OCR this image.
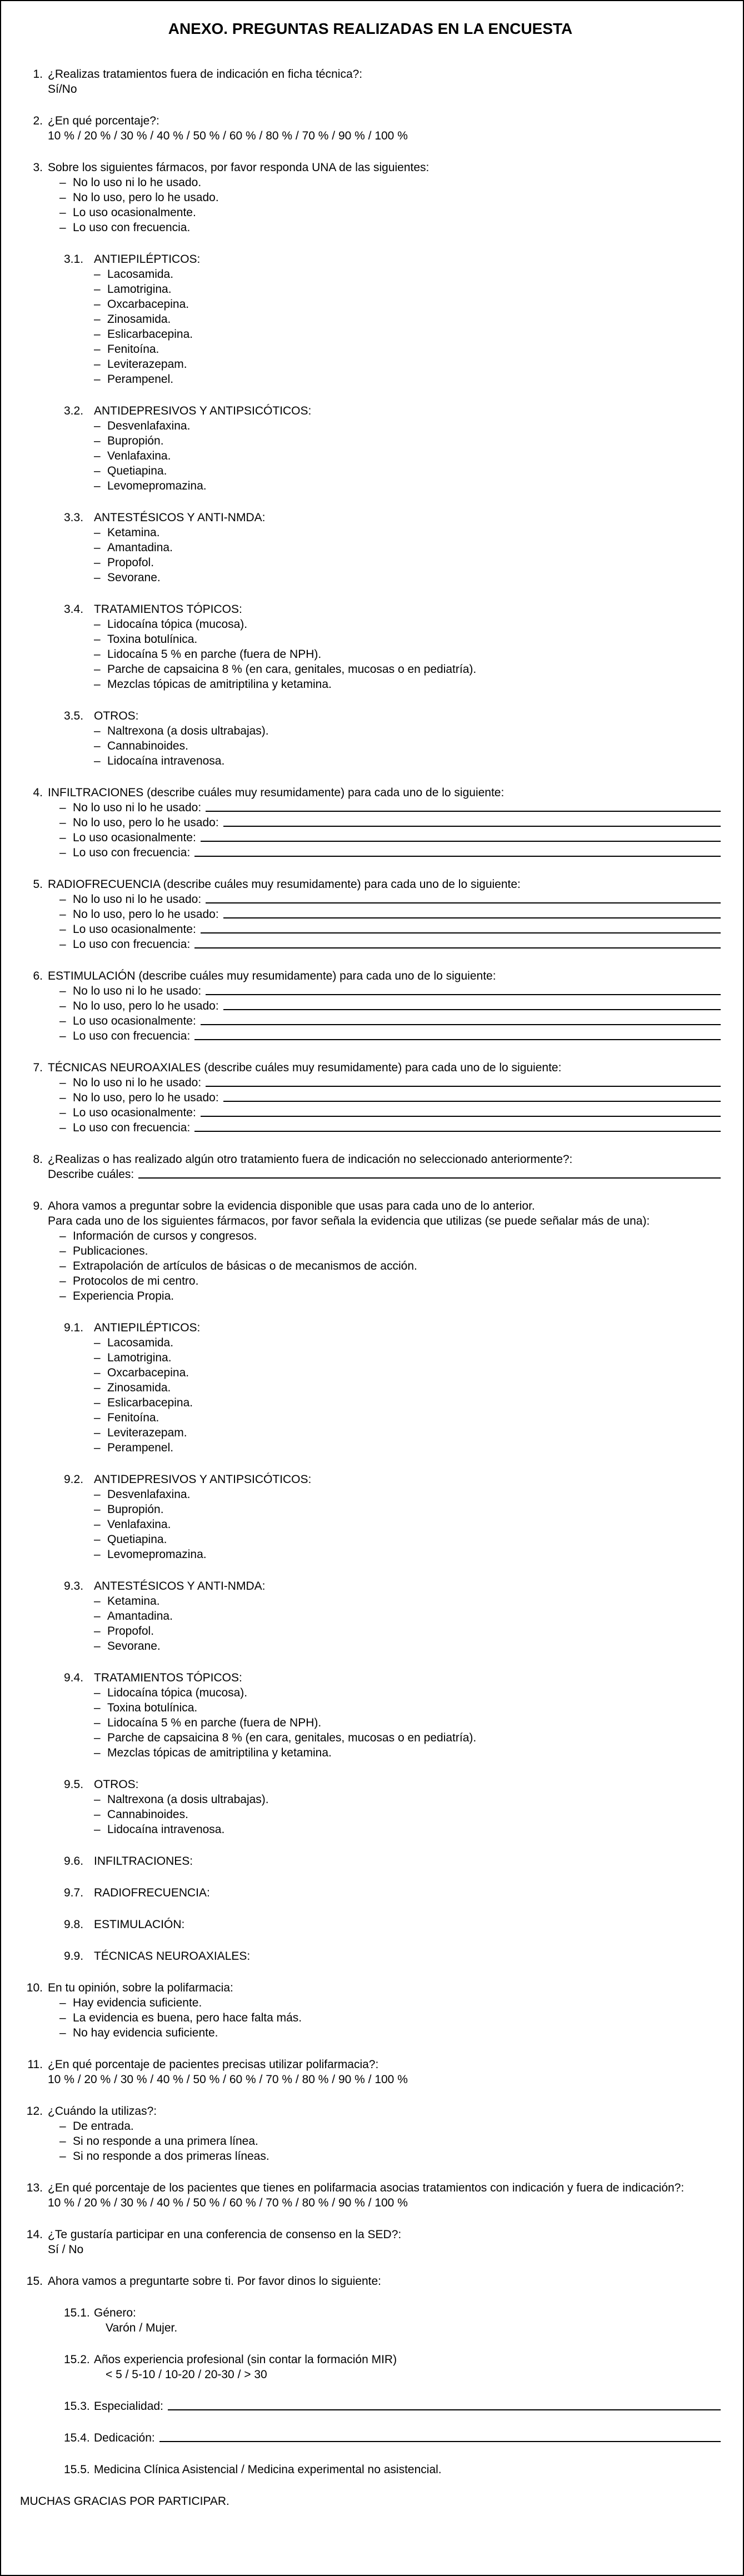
ANEXO. PREGUNTAS REALIZADAS EN LA ENCUESTA
1. ¿Realizas tratamientos fuera de indicación en ficha técnica?:
Sí/No
2. ¿En qué porcentaje?:
10 % / 20 % / 30 % / 40 % / 50 % / 60 % / 80 % / 70 % / 90 % / 100 %
3. Sobre los siguientes fármacos, por favor responda UNA de las siguientes:
– No lo uso ni lo he usado.
– No lo uso, pero lo he usado.
– Lo uso ocasionalmente.
– Lo uso con frecuencia.
3.1. ANTIEPILÉPTICOS:
– Lacosamida.
– Lamotrigina.
– Oxcarbacepina.
– Zinosamida.
– Eslicarbacepina.
– Fenitoína.
– Leviterazepam.
– Perampenel.
3.2. ANTIDEPRESIVOS Y ANTIPSICÓTICOS:
– Desvenlafaxina.
– Bupropión.
– Venlafaxina.
– Quetiapina.
– Levomepromazina.
3.3. ANTESTÉSICOS Y ANTI-NMDA:
– Ketamina.
– Amantadina.
– Propofol.
– Sevorane.
3.4. TRATAMIENTOS TÓPICOS:
– Lidocaína tópica (mucosa).
– Toxina botulínica.
– Lidocaína 5 % en parche (fuera de NPH).
– Parche de capsaicina 8 % (en cara, genitales, mucosas o en pediatría).
– Mezclas tópicas de amitriptilina y ketamina.
3.5. OTROS:
– Naltrexona (a dosis ultrabajas).
– Cannabinoides.
– Lidocaína intravenosa.
4. INFILTRACIONES (describe cuáles muy resumidamente) para cada uno de lo siguiente:
– No lo uso ni lo he usado:
– No lo uso, pero lo he usado:
– Lo uso ocasionalmente:
– Lo uso con frecuencia:
5. RADIOFRECUENCIA (describe cuáles muy resumidamente) para cada uno de lo siguiente:
– No lo uso ni lo he usado:
– No lo uso, pero lo he usado:
– Lo uso ocasionalmente:
– Lo uso con frecuencia:
6. ESTIMULACIÓN (describe cuáles muy resumidamente) para cada uno de lo siguiente:
– No lo uso ni lo he usado:
– No lo uso, pero lo he usado:
– Lo uso ocasionalmente:
– Lo uso con frecuencia:
7. TÉCNICAS NEUROAXIALES (describe cuáles muy resumidamente) para cada uno de lo siguiente:
– No lo uso ni lo he usado:
– No lo uso, pero lo he usado:
– Lo uso ocasionalmente:
– Lo uso con frecuencia:
8. ¿Realizas o has realizado algún otro tratamiento fuera de indicación no seleccionado anteriormente?:
Describe cuáles:
9. Ahora vamos a preguntar sobre la evidencia disponible que usas para cada uno de lo anterior.
Para cada uno de los siguientes fármacos, por favor señala la evidencia que utilizas (se puede señalar más de una):
– Información de cursos y congresos.
– Publicaciones.
– Extrapolación de artículos de básicas o de mecanismos de acción.
– Protocolos de mi centro.
– Experiencia Propia.
9.1. ANTIEPILÉPTICOS:
– Lacosamida.
– Lamotrigina.
– Oxcarbacepina.
– Zinosamida.
– Eslicarbacepina.
– Fenitoína.
– Leviterazepam.
– Perampenel.
9.2. ANTIDEPRESIVOS Y ANTIPSICÓTICOS:
– Desvenlafaxina.
– Bupropión.
– Venlafaxina.
– Quetiapina.
– Levomepromazina.
9.3. ANTESTÉSICOS Y ANTI-NMDA:
– Ketamina.
– Amantadina.
– Propofol.
– Sevorane.
9.4. TRATAMIENTOS TÓPICOS:
– Lidocaína tópica (mucosa).
– Toxina botulínica.
– Lidocaína 5 % en parche (fuera de NPH).
– Parche de capsaicina 8 % (en cara, genitales, mucosas o en pediatría).
– Mezclas tópicas de amitriptilina y ketamina.
9.5. OTROS:
– Naltrexona (a dosis ultrabajas).
– Cannabinoides.
– Lidocaína intravenosa.
9.6. INFILTRACIONES:
9.7. RADIOFRECUENCIA:
9.8. ESTIMULACIÓN:
9.9. TÉCNICAS NEUROAXIALES:
10. En tu opinión, sobre la polifarmacia:
– Hay evidencia suficiente.
– La evidencia es buena, pero hace falta más.
– No hay evidencia suficiente.
11. ¿En qué porcentaje de pacientes precisas utilizar polifarmacia?:
10 % / 20 % / 30 % / 40 % / 50 % / 60 % / 70 % / 80 % / 90 % / 100 %
12. ¿Cuándo la utilizas?:
– De entrada.
– Si no responde a una primera línea.
– Si no responde a dos primeras líneas.
13. ¿En qué porcentaje de los pacientes que tienes en polifarmacia asocias tratamientos con indicación y fuera de indicación?:
10 % / 20 % / 30 % / 40 % / 50 % / 60 % / 70 % / 80 % / 90 % / 100 %
14. ¿Te gustaría participar en una conferencia de consenso en la SED?:
Sí / No
15. Ahora vamos a preguntarte sobre ti. Por favor dinos lo siguiente:
15.1. Género:
Varón / Mujer.
15.2. Años experiencia profesional (sin contar la formación MIR)
< 5 / 5-10 / 10-20 / 20-30 / > 30
15.3. Especialidad:
15.4. Dedicación:
15.5. Medicina Clínica Asistencial / Medicina experimental no asistencial.
MUCHAS GRACIAS POR PARTICIPAR.
